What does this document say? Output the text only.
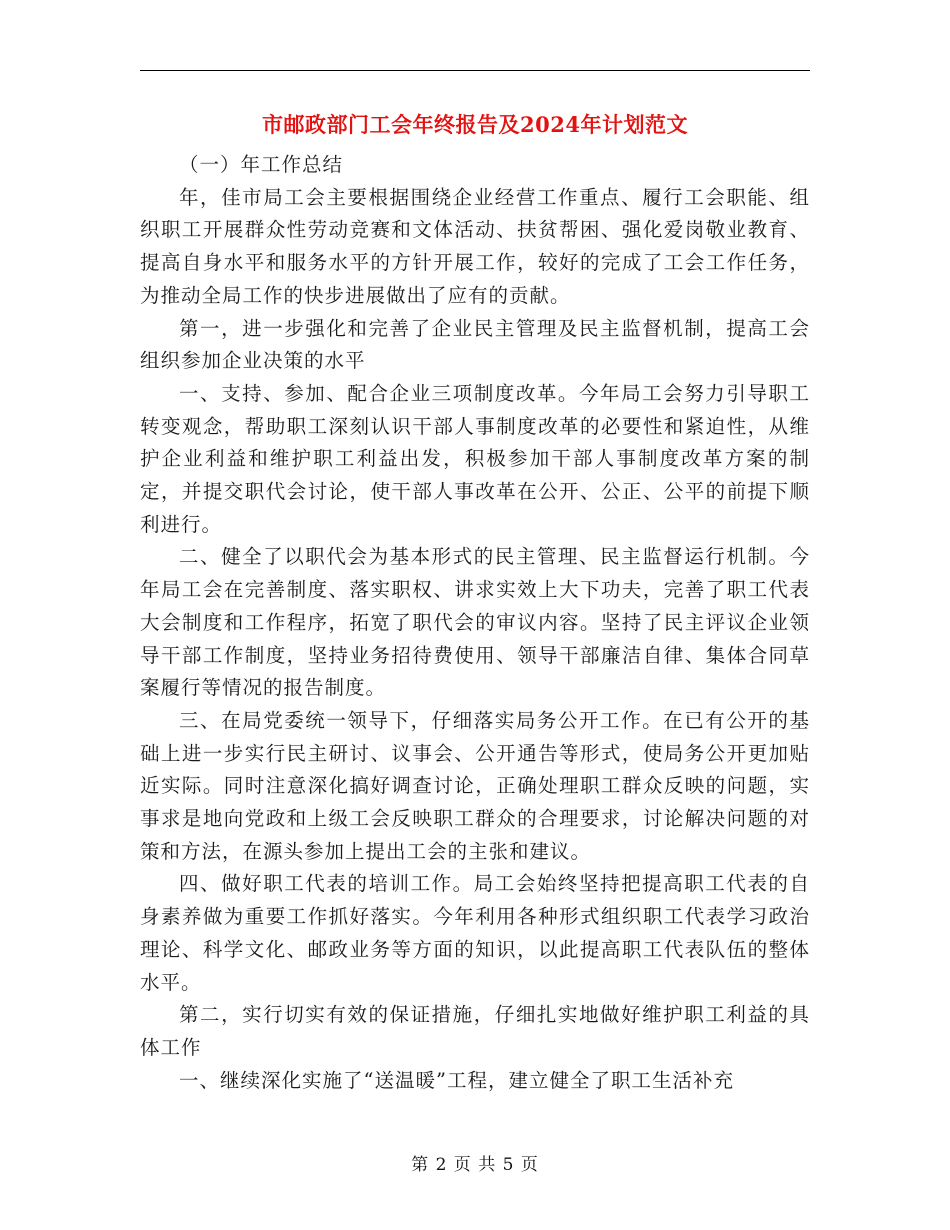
市邮政部门工会年终报告及2024年计划范文

（一）年工作总结

年，佳市局工会主要根据围绕企业经营工作重点、履行工会职能、组织职工开展群众性劳动竞赛和文体活动、扶贫帮困、强化爱岗敬业教育、提高自身水平和服务水平的方针开展工作，较好的完成了工会工作任务，为推动全局工作的快步进展做出了应有的贡献。

第一，进一步强化和完善了企业民主管理及民主监督机制，提高工会组织参加企业决策的水平

一、支持、参加、配合企业三项制度改革。今年局工会努力引导职工转变观念，帮助职工深刻认识干部人事制度改革的必要性和紧迫性，从维护企业利益和维护职工利益出发，积极参加干部人事制度改革方案的制定，并提交职代会讨论，使干部人事改革在公开、公正、公平的前提下顺利进行。

二、健全了以职代会为基本形式的民主管理、民主监督运行机制。今年局工会在完善制度、落实职权、讲求实效上大下功夫，完善了职工代表大会制度和工作程序，拓宽了职代会的审议内容。坚持了民主评议企业领导干部工作制度，坚持业务招待费使用、领导干部廉洁自律、集体合同草案履行等情况的报告制度。

三、在局党委统一领导下，仔细落实局务公开工作。在已有公开的基础上进一步实行民主研讨、议事会、公开通告等形式，使局务公开更加贴近实际。同时注意深化搞好调查讨论，正确处理职工群众反映的问题，实事求是地向党政和上级工会反映职工群众的合理要求，讨论解决问题的对策和方法，在源头参加上提出工会的主张和建议。

四、做好职工代表的培训工作。局工会始终坚持把提高职工代表的自身素养做为重要工作抓好落实。今年利用各种形式组织职工代表学习政治理论、科学文化、邮政业务等方面的知识，以此提高职工代表队伍的整体水平。

第二，实行切实有效的保证措施，仔细扎实地做好维护职工利益的具体工作

一、继续深化实施了“送温暖”工程，建立健全了职工生活补充

第 2 页 共 5 页
